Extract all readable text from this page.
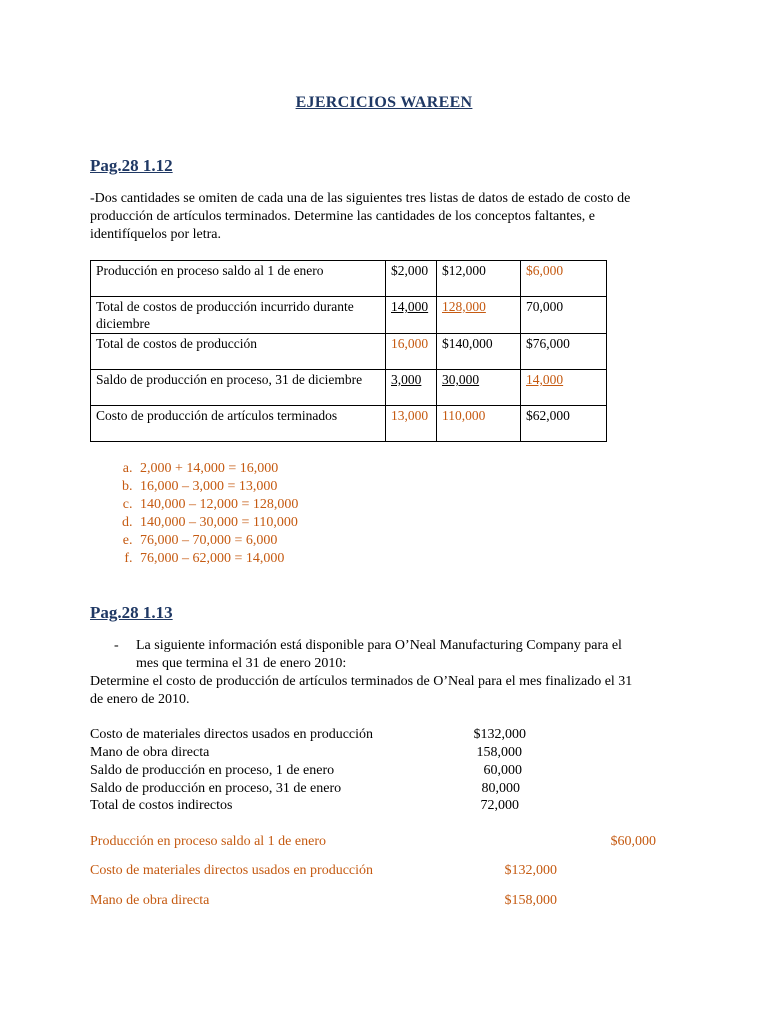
EJERCICIOS WAREEN
Pag.28 1.12
-Dos cantidades se omiten de cada una de las siguientes tres listas de datos de estado de costo de
producción de artículos terminados. Determine las cantidades de los conceptos faltantes, e
identifíquelos por letra.
Producción en proceso saldo al 1 de enero	$2,000	$12,000	$6,000
Total de costos de producción incurrido durante diciembre	14,000	128,000	70,000
Total de costos de producción	16,000	$140,000	$76,000
Saldo de producción en proceso, 31 de diciembre	3,000	30,000	14,000
Costo de producción de artículos terminados	13,000	110,000	$62,000
a. 2,000 + 14,000 = 16,000
b. 16,000 – 3,000 = 13,000
c. 140,000 – 12,000 = 128,000
d. 140,000 – 30,000 = 110,000
e. 76,000 – 70,000 = 6,000
f. 76,000 – 62,000 = 14,000
Pag.28 1.13
- La siguiente información está disponible para O’Neal Manufacturing Company para el
mes que termina el 31 de enero 2010:
Determine el costo de producción de artículos terminados de O’Neal para el mes finalizado el 31
de enero de 2010.
Costo de materiales directos usados en producción	$132,000
Mano de obra directa	158,000
Saldo de producción en proceso, 1 de enero	60,000
Saldo de producción en proceso, 31 de enero	80,000
Total de costos indirectos	72,000
Producción en proceso saldo al 1 de enero	$60,000
Costo de materiales directos usados en producción	$132,000
Mano de obra directa	$158,000
